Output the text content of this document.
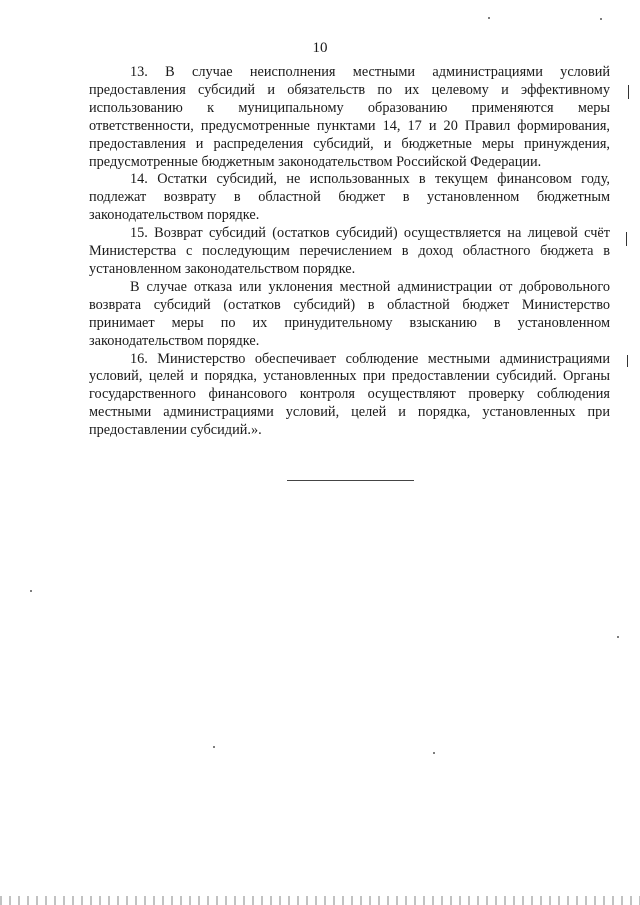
10

13. В случае неисполнения местными администрациями условий предоставления субсидий и обязательств по их целевому и эффективному использованию к муниципальному образованию применяются меры ответственности, предусмотренные пунктами 14, 17 и 20 Правил формирования, предоставления и распределения субсидий, и бюджетные меры принуждения, предусмотренные бюджетным законодательством Российской Федерации.

14. Остатки субсидий, не использованных в текущем финансовом году, подлежат возврату в областной бюджет в установленном бюджетным законодательством порядке.

15. Возврат субсидий (остатков субсидий) осуществляется на лицевой счёт Министерства с последующим перечислением в доход областного бюджета в установленном законодательством порядке.

В случае отказа или уклонения местной администрации от добровольного возврата субсидий (остатков субсидий) в областной бюджет Министерство принимает меры по их принудительному взысканию в установленном законодательством порядке.

16. Министерство обеспечивает соблюдение местными администрациями условий, целей и порядка, установленных при предоставлении субсидий. Органы государственного финансового контроля осуществляют проверку соблюдения местными администрациями условий, целей и порядка, установленных при предоставлении субсидий.».
